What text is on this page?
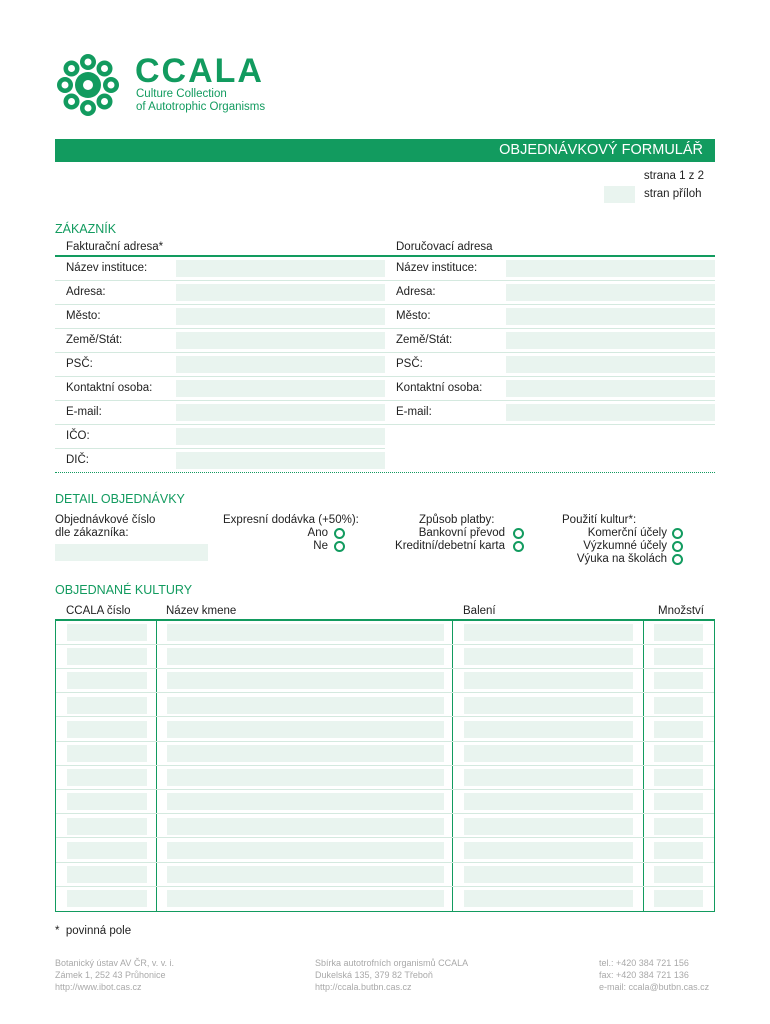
CCALA
Culture Collection
of Autotrophic Organisms
OBJEDNÁVKOVÝ FORMULÁŘ
strana 1 z 2
stran příloh
ZÁKAZNÍK
Fakturační adresa*	Doručovací adresa
Název instituce:	Název instituce:
Adresa:	Adresa:
Město:	Město:
Země/Stát:	Země/Stát:
PSČ:	PSČ:
Kontaktní osoba:	Kontaktní osoba:
E-mail:	E-mail:
IČO:
DIČ:
DETAIL OBJEDNÁVKY
Objednávkové číslo
dle zákazníka:
Expresní dodávka (+50%):
Ano
Ne
Způsob platby:
Bankovní převod
Kreditní/debetní karta
Použití kultur*:
Komerční účely
Výzkumné účely
Výuka na školách
OBJEDNANÉ KULTURY
CCALA číslo	Název kmene	Balení	Množství
*  povinná pole
Botanický ústav AV ČR, v. v. i.
Zámek 1, 252 43 Průhonice
http://www.ibot.cas.cz
Sbírka autotrofních organismů CCALA
Dukelská 135, 379 82 Třeboň
http://ccala.butbn.cas.cz
tel.: +420 384 721 156
fax: +420 384 721 136
e-mail: ccala@butbn.cas.cz
